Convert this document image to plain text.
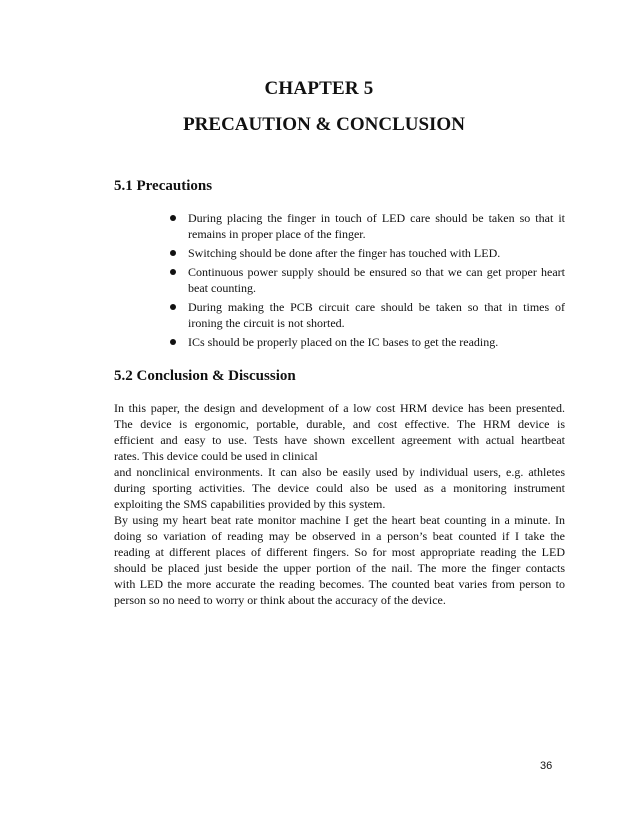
CHAPTER 5
PRECAUTION & CONCLUSION
5.1 Precautions
During placing the finger in touch of LED care should be taken so that it remains in proper place of the finger.
Switching should be done after the finger has touched with LED.
Continuous power supply should be ensured so that we can get proper heart beat counting.
During making the PCB circuit care should be taken so that in times of ironing the circuit is not shorted.
ICs should be properly placed on the IC bases to get the reading.
5.2 Conclusion & Discussion
In this paper, the design and development of a low cost HRM device has been presented.
The device is ergonomic, portable, durable, and cost effective. The HRM device is
efficient and easy to use. Tests have shown excellent agreement with actual heartbeat
rates. This device could be used in clinical
and nonclinical environments. It can also be easily used by individual users, e.g. athletes
during sporting activities. The device could also be used as a monitoring instrument
exploiting the SMS capabilities provided by this system.
By using my heart beat rate monitor machine I get the heart beat counting in a minute. In
doing so variation of reading may be observed in a person’s beat counted if I take the
reading at different places of different fingers. So for most appropriate reading the LED
should be placed just beside the upper portion of the nail. The more the finger contacts
with LED the more accurate the reading becomes. The counted beat varies from person to
person so no need to worry or think about the accuracy of the device.
36
